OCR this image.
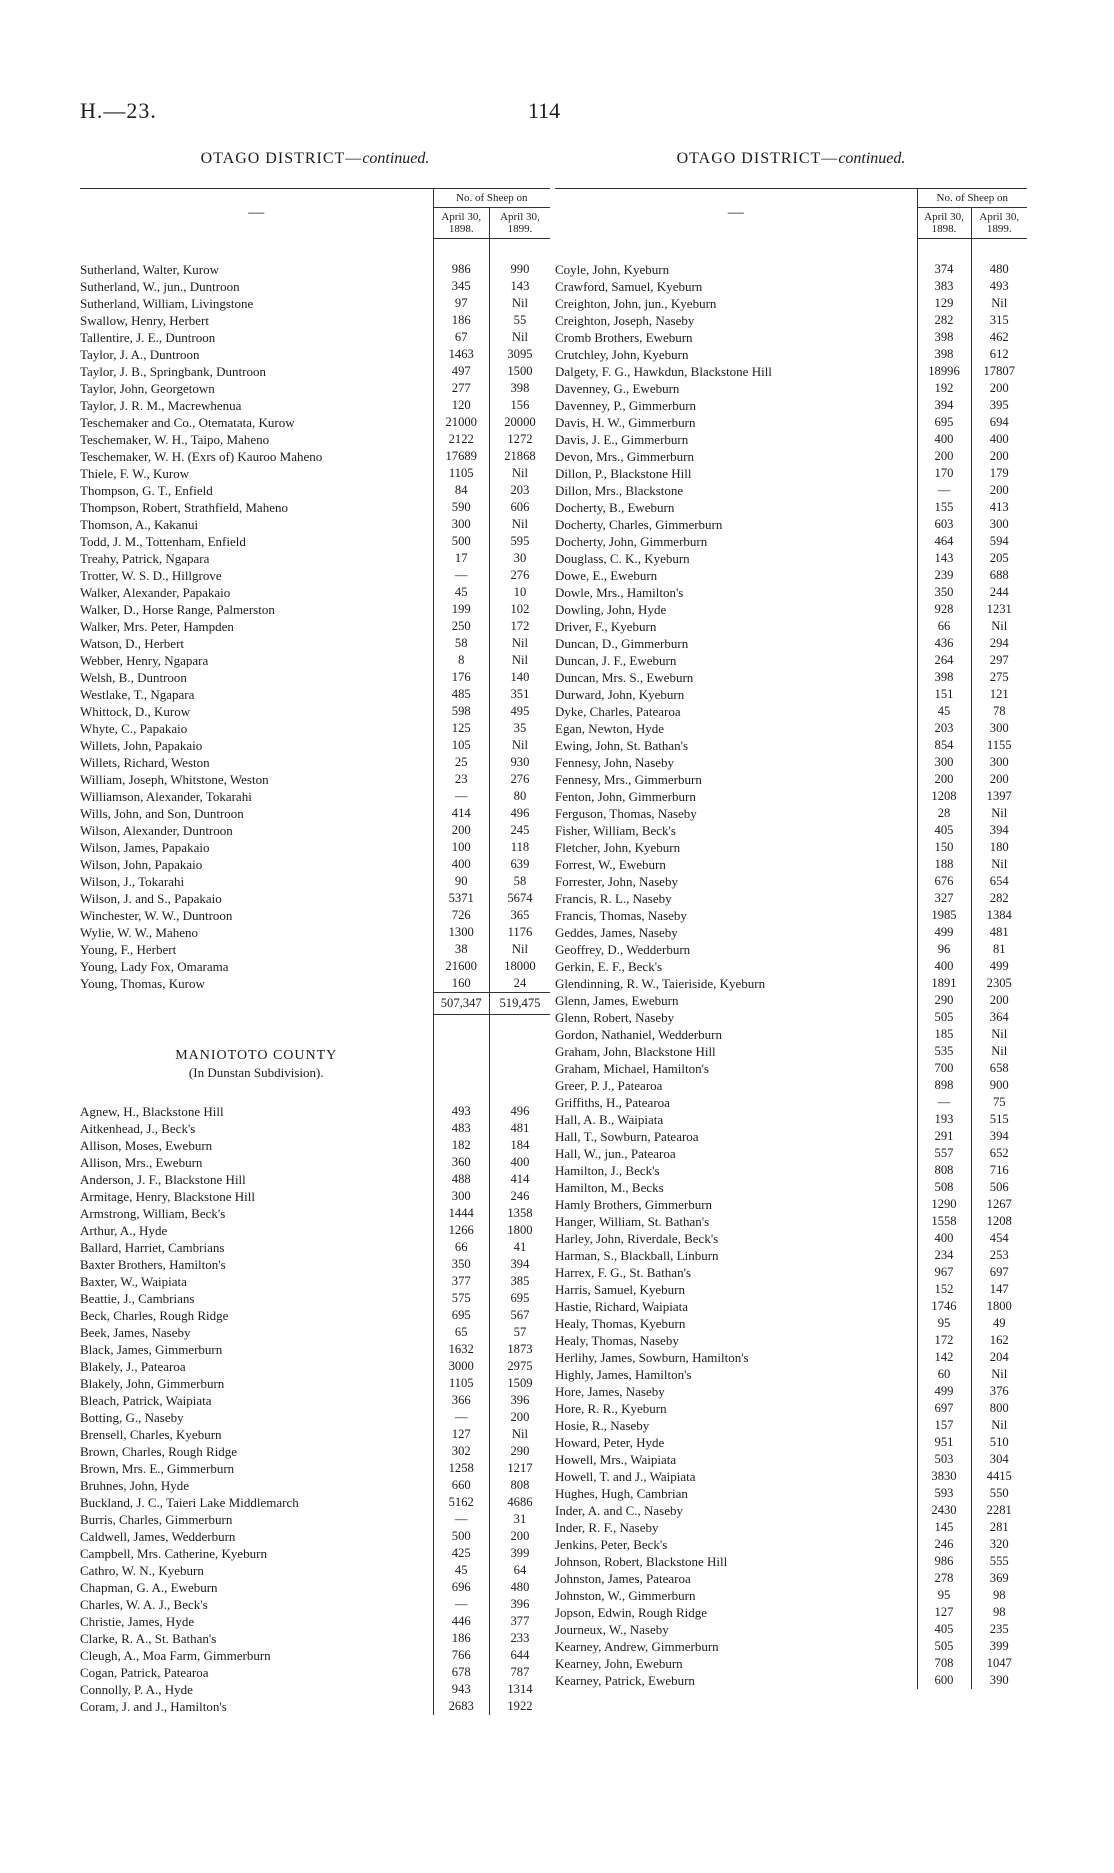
H.—23.	114
OTAGO DISTRICT—continued.
—	No. of Sheep on	
	April 30, 1898.	April 30, 1899.
Sutherland, Walter, Kurow	986	990
Sutherland, W., jun., Duntroon	345	143
Sutherland, William, Livingstone	97	Nil
Swallow, Henry, Herbert	186	55
Tallentire, J. E., Duntroon	67	Nil
Taylor, J. A., Duntroon	1463	3095
Taylor, J. B., Springbank, Duntroon	497	1500
Taylor, John, Georgetown	277	398
Taylor, J. R. M., Macrewhenua	120	156
Teschemaker and Co., Otematata, Kurow	21000	20000
Teschemaker, W. H., Taipo, Maheno	2122	1272
Teschemaker, W. H. (Exrs of) Kauroo Maheno	17689	21868
Thiele, F. W., Kurow	1105	Nil
Thompson, G. T., Enfield	84	203
Thompson, Robert, Strathfield, Maheno	590	606
Thomson, A., Kakanui	300	Nil
Todd, J. M., Tottenham, Enfield	500	595
Treahy, Patrick, Ngapara	17	30
Trotter, W. S. D., Hillgrove	—	276
Walker, Alexander, Papakaio	45	10
Walker, D., Horse Range, Palmerston	199	102
Walker, Mrs. Peter, Hampden	250	172
Watson, D., Herbert	58	Nil
Webber, Henry, Ngapara	8	Nil
Welsh, B., Duntroon	176	140
Westlake, T., Ngapara	485	351
Whittock, D., Kurow	598	495
Whyte, C., Papakaio	125	35
Willets, John, Papakaio	105	Nil
Willets, Richard, Weston	25	930
William, Joseph, Whitstone, Weston	23	276
Williamson, Alexander, Tokarahi	—	80
Wills, John, and Son, Duntroon	414	496
Wilson, Alexander, Duntroon	200	245
Wilson, James, Papakaio	100	118
Wilson, John, Papakaio	400	639
Wilson, J., Tokarahi	90	58
Wilson, J. and S., Papakaio	5371	5674
Winchester, W. W., Duntroon	726	365
Wylie, W. W., Maheno	1300	1176
Young, F., Herbert	38	Nil
Young, Lady Fox, Omarama	21600	18000
Young, Thomas, Kurow	160	24
	507,347	519,475

MANIOTOTO COUNTY		
(In Dunstan Subdivision).		
Agnew, H., Blackstone Hill	493	496
Aitkenhead, J., Beck's	483	481
Allison, Moses, Eweburn	182	184
Allison, Mrs., Eweburn	360	400
Anderson, J. F., Blackstone Hill	488	414
Armitage, Henry, Blackstone Hill	300	246
Armstrong, William, Beck's	1444	1358
Arthur, A., Hyde	1266	1800
Ballard, Harriet, Cambrians	66	41
Baxter Brothers, Hamilton's	350	394
Baxter, W., Waipiata	377	385
Beattie, J., Cambrians	575	695
Beck, Charles, Rough Ridge	695	567
Beek, James, Naseby	65	57
Black, James, Gimmerburn	1632	1873
Blakely, J., Patearoa	3000	2975
Blakely, John, Gimmerburn	1105	1509
Bleach, Patrick, Waipiata	366	396
Botting, G., Naseby	—	200
Brensell, Charles, Kyeburn	127	Nil
Brown, Charles, Rough Ridge	302	290
Brown, Mrs. E., Gimmerburn	1258	1217
Bruhnes, John, Hyde	660	808
Buckland, J. C., Taieri Lake Middlemarch	5162	4686
Burris, Charles, Gimmerburn	—	31
Caldwell, James, Wedderburn	500	200
Campbell, Mrs. Catherine, Kyeburn	425	399
Cathro, W. N., Kyeburn	45	64
Chapman, G. A., Eweburn	696	480
Charles, W. A. J., Beck's	—	396
Christie, James, Hyde	446	377
Clarke, R. A., St. Bathan's	186	233
Cleugh, A., Moa Farm, Gimmerburn	766	644
Cogan, Patrick, Patearoa	678	787
Connolly, P. A., Hyde	943	1314
Coram, J. and J., Hamilton's	2683	1922
OTAGO DISTRICT—continued.
—	No. of Sheep on	
	April 30, 1898.	April 30, 1899.
Coyle, John, Kyeburn	374	480
Crawford, Samuel, Kyeburn	383	493
Creighton, John, jun., Kyeburn	129	Nil
Creighton, Joseph, Naseby	282	315
Cromb Brothers, Eweburn	398	462
Crutchley, John, Kyeburn	398	612
Dalgety, F. G., Hawkdun, Blackstone Hill	18996	17807
Davenney, G., Eweburn	192	200
Davenney, P., Gimmerburn	394	395
Davis, H. W., Gimmerburn	695	694
Davis, J. E., Gimmerburn	400	400
Devon, Mrs., Gimmerburn	200	200
Dillon, P., Blackstone Hill	170	179
Dillon, Mrs., Blackstone	—	200
Docherty, B., Eweburn	155	413
Docherty, Charles, Gimmerburn	603	300
Docherty, John, Gimmerburn	464	594
Douglass, C. K., Kyeburn	143	205
Dowe, E., Eweburn	239	688
Dowle, Mrs., Hamilton's	350	244
Dowling, John, Hyde	928	1231
Driver, F., Kyeburn	66	Nil
Duncan, D., Gimmerburn	436	294
Duncan, J. F., Eweburn	264	297
Duncan, Mrs. S., Eweburn	398	275
Durward, John, Kyeburn	151	121
Dyke, Charles, Patearoa	45	78
Egan, Newton, Hyde	203	300
Ewing, John, St. Bathan's	854	1155
Fennesy, John, Naseby	300	300
Fennesy, Mrs., Gimmerburn	200	200
Fenton, John, Gimmerburn	1208	1397
Ferguson, Thomas, Naseby	28	Nil
Fisher, William, Beck's	405	394
Fletcher, John, Kyeburn	150	180
Forrest, W., Eweburn	188	Nil
Forrester, John, Naseby	676	654
Francis, R. L., Naseby	327	282
Francis, Thomas, Naseby	1985	1384
Geddes, James, Naseby	499	481
Geoffrey, D., Wedderburn	96	81
Gerkin, E. F., Beck's	400	499
Glendinning, R. W., Taieriside, Kyeburn	1891	2305
Glenn, James, Eweburn	290	200
Glenn, Robert, Naseby	505	364
Gordon, Nathaniel, Wedderburn	185	Nil
Graham, John, Blackstone Hill	535	Nil
Graham, Michael, Hamilton's	700	658
Greer, P. J., Patearoa	898	900
Griffiths, H., Patearoa	—	75
Hall, A. B., Waipiata	193	515
Hall, T., Sowburn, Patearoa	291	394
Hall, W., jun., Patearoa	557	652
Hamilton, J., Beck's	808	716
Hamilton, M., Becks	508	506
Hamly Brothers, Gimmerburn	1290	1267
Hanger, William, St. Bathan's	1558	1208
Harley, John, Riverdale, Beck's	400	454
Harman, S., Blackball, Linburn	234	253
Harrex, F. G., St. Bathan's	967	697
Harris, Samuel, Kyeburn	152	147
Hastie, Richard, Waipiata	1746	1800
Healy, Thomas, Kyeburn	95	49
Healy, Thomas, Naseby	172	162
Herlihy, James, Sowburn, Hamilton's	142	204
Highly, James, Hamilton's	60	Nil
Hore, James, Naseby	499	376
Hore, R. R., Kyeburn	697	800
Hosie, R., Naseby	157	Nil
Howard, Peter, Hyde	951	510
Howell, Mrs., Waipiata	503	304
Howell, T. and J., Waipiata	3830	4415
Hughes, Hugh, Cambrian	593	550
Inder, A. and C., Naseby	2430	2281
Inder, R. F., Naseby	145	281
Jenkins, Peter, Beck's	246	320
Johnson, Robert, Blackstone Hill	986	555
Johnston, James, Patearoa	278	369
Johnston, W., Gimmerburn	95	98
Jopson, Edwin, Rough Ridge	127	98
Journeux, W., Naseby	405	235
Kearney, Andrew, Gimmerburn	505	399
Kearney, John, Eweburn	708	1047
Kearney, Patrick, Eweburn	600	390
